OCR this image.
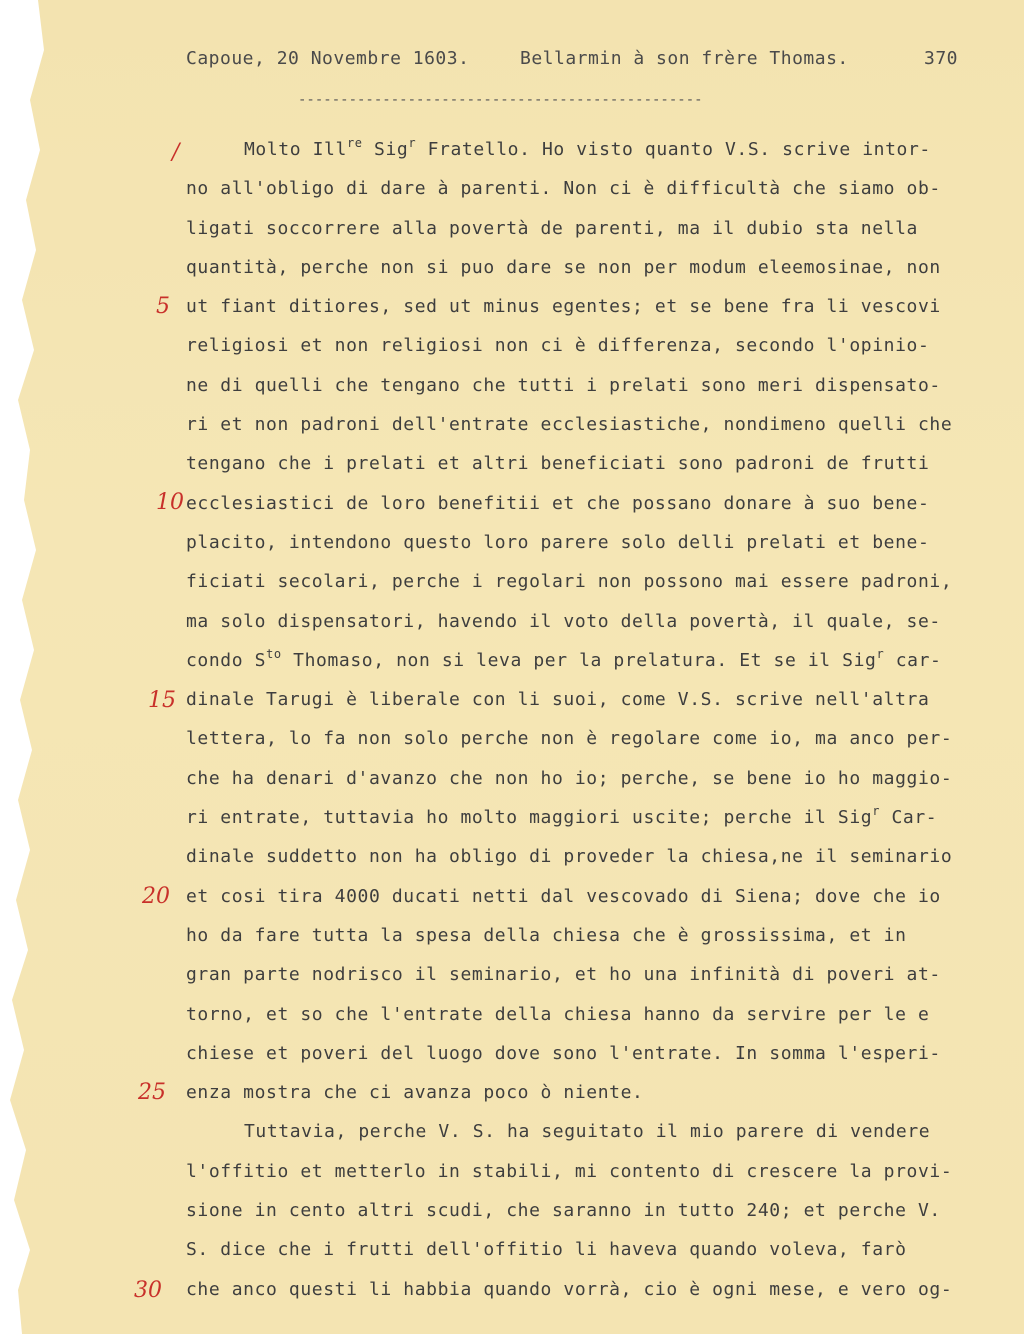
Capoue, 20 Novembre 1603.	Bellarmin à son frère Thomas.	370
------------------------------------------------
Molto Ill$^{re}$ Sig$^r$ Fratello. Ho visto quanto V.S. scrive intor-
no all'obligo di dare à parenti. Non ci è difficultà che siamo ob-
ligati soccorrere alla povertà de parenti, ma il dubio sta nella
quantità, perche non si puo dare se non per modum eleemosinae, non
ut fiant ditiores, sed ut minus egentes; et se bene fra li vescovi
religiosi et non religiosi non ci è differenza, secondo l'opinio-
ne di quelli che tengano che tutti i prelati sono meri dispensato-
ri et non padroni dell'entrate ecclesiastiche, nondimeno quelli che
tengano che i prelati et altri beneficiati sono padroni de frutti
ecclesiastici de loro benefitii et che possano donare à suo bene-
placito, intendono questo loro parere solo delli prelati et bene-
ficiati secolari, perche i regolari non possono mai essere padroni,
ma solo dispensatori, havendo il voto della povertà, il quale, se-
condo $S^{to}$ Thomaso, non si leva per la prelatura. Et se il Sig$^r$ car-
dinale Tarugi è liberale con li suoi, come V.S. scrive nell'altra
lettera, lo fa non solo perche non è regolare come io, ma anco per-
che ha denari d'avanzo che non ho io; perche, se bene io ho maggio-
ri entrate, tuttavia ho molto maggiori uscite; perche il Sig$^r$ Car-
dinale suddetto non ha obligo di proveder la chiesa,ne il seminario
et cosi tira 4000 ducati netti dal vescovado di Siena; dove che io
ho da fare tutta la spesa della chiesa che è grossissima, et in
gran parte nodrisco il seminario, et ho una infinità di poveri at-
torno, et so che l'entrate della chiesa hanno da servire per le e
chiese et poveri del luogo dove sono l'entrate. In somma l'esperi-
enza mostra che ci avanza poco ò niente.
Tuttavia, perche V. S. ha seguitato il mio parere di vendere
l'offitio et metterlo in stabili, mi contento di crescere la provi-
sione in cento altri scudi, che saranno in tutto 240; et perche V.
S. dice che i frutti dell'offitio li haveva quando voleva, farò
che anco questi li habbia quando vorrà, cio è ogni mese, e vero og-
/
5
10
15
20
25
30
